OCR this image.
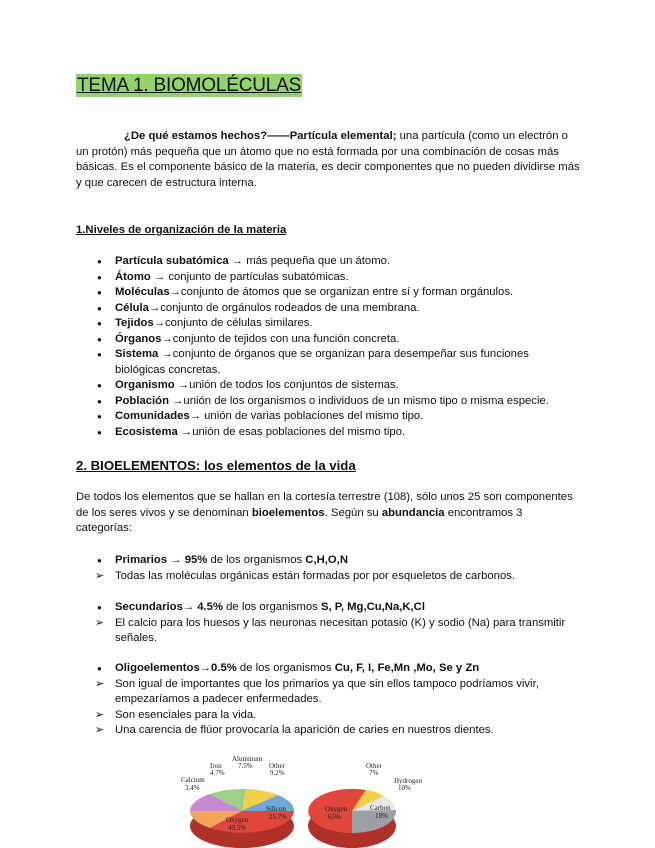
TEMA 1. BIOMOLÉCULAS

¿De qué estamos hechos?——Partícula elemental; una partícula (como un electrón o un protón) más pequeña que un átomo que no está formada por una combinación de cosas más básicas. Es el componente básico de la materia, es decir componentes que no pueden dividirse más y que carecen de estructura interna.

1.Niveles de organización de la materia
● Partícula subatómica → más pequeña que un átomo.
● Átomo → conjunto de partículas subatómicas.
● Moléculas→conjunto de átomos que se organizan entre sí y forman orgánulos.
● Célula→conjunto de orgánulos rodeados de una membrana.
● Tejidos→conjunto de células similares.
● Órganos→conjunto de tejidos con una función concreta.
● Sistema →conjunto de órganos que se organizan para desempeñar sus funciones biológicas concretas.
● Organismo →unión de todos los conjuntos de sistemas.
● Población →unión de los organismos o individuos de un mismo tipo o misma especie.
● Comunidades→ unión de varias poblaciones del mismo tipo.
● Ecosistema →unión de esas poblaciones del mismo tipo.
2. BIOELEMENTOS: los elementos de la vida

De todos los elementos que se hallan en la cortesía terrestre (108), sólo unos 25 son componentes de los seres vivos y se denominan bioelementos. Según su abundancia encontramos 3 categorías:

● Primarios → 95% de los organismos C,H,O,N
➢ Todas las moléculas orgánicas están formadas por por esqueletos de carbonos.
● Secundarios→ 4.5% de los organismos S, P, Mg,Cu,Na,K,Cl
➢ El calcio para los huesos y las neuronas necesitan potasio (K) y sodio (Na) para transmitir señales.
● Oligoelementos→0.5% de los organismos Cu, F, I, Fe,Mn ,Mo, Se y Zn
➢ Son igual de importantes que los primarios ya que sin ellos tampoco podríamos vivir, empezaríamos a padecer enfermedades.
➢ Son esenciales para la vida.
➢ Una carencia de flúor provocaría la aparición de caries en nuestros dientes.
Aluminum
7.5%
Iron
4.7%
Other
9.2%
Calcium
3.4%
Silicon
25.7%
Oxygen
49.5%
Other
7%
Hydrogen
10%
Carbon
18%
Oxygen
65%
